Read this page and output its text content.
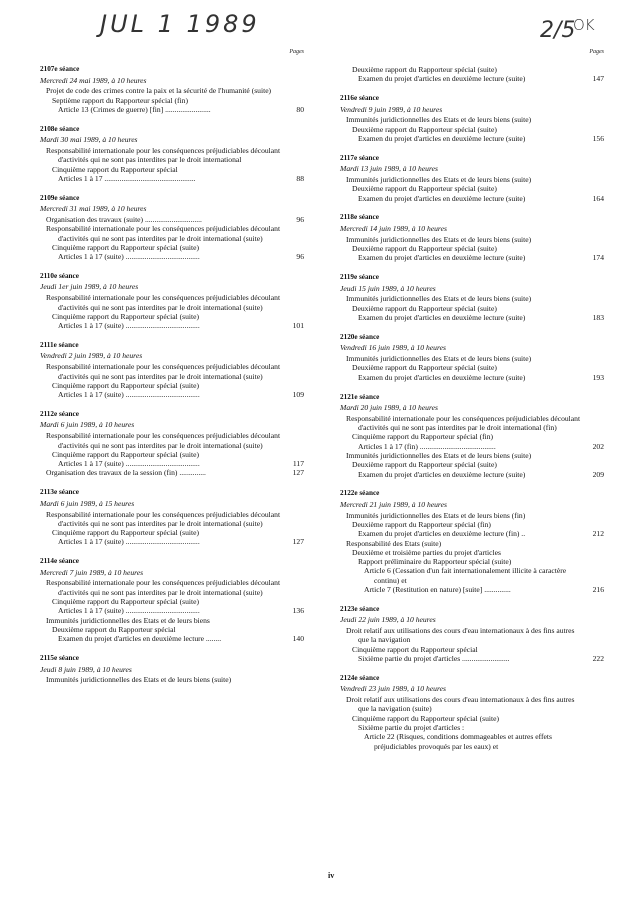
JUL 1 1989	2/5
OK
Pages
2107e séance
Mercredi 24 mai 1989, à 10 heures
Projet de code des crimes contre la paix et la sécurité de l'humanité (suite)
Septième rapport du Rapporteur spécial (fin)
Article 13 (Crimes de guerre) [fin] ........................	80
2108e séance
Mardi 30 mai 1989, à 10 heures
Responsabilité internationale pour les conséquences préjudiciables découlant d'activités qui ne sont pas interdites par le droit international
Cinquième rapport du Rapporteur spécial
Articles 1 à 17 ................................................	88
2109e séance
Mercredi 31 mai 1989, à 10 heures
Organisation des travaux (suite) ..............................	96
Responsabilité internationale pour les conséquences préjudiciables découlant d'activités qui ne sont pas interdites par le droit international (suite)
Cinquième rapport du Rapporteur spécial (suite)
Articles 1 à 17 (suite) .......................................	96
2110e séance
Jeudi 1er juin 1989, à 10 heures
Responsabilité internationale pour les conséquences préjudiciables découlant d'activités qui ne sont pas interdites par le droit international (suite)
Cinquième rapport du Rapporteur spécial (suite)
Articles 1 à 17 (suite) .......................................	101
2111e séance
Vendredi 2 juin 1989, à 10 heures
Responsabilité internationale pour les conséquences préjudiciables découlant d'activités qui ne sont pas interdites par le droit international (suite)
Cinquième rapport du Rapporteur spécial (suite)
Articles 1 à 17 (suite) .......................................	109
2112e séance
Mardi 6 juin 1989, à 10 heures
Responsabilité internationale pour les conséquences préjudiciables découlant d'activités qui ne sont pas interdites par le droit international (suite)
Cinquième rapport du Rapporteur spécial (suite)
Articles 1 à 17 (suite) .......................................	117
Organisation des travaux de la session (fin) ..............	127
2113e séance
Mardi 6 juin 1989, à 15 heures
Responsabilité internationale pour les conséquences préjudiciables découlant d'activités qui ne sont pas interdites par le droit international (suite)
Cinquième rapport du Rapporteur spécial (suite)
Articles 1 à 17 (suite) .......................................	127
2114e séance
Mercredi 7 juin 1989, à 10 heures
Responsabilité internationale pour les conséquences préjudiciables découlant d'activités qui ne sont pas interdites par le droit international (suite)
Cinquième rapport du Rapporteur spécial (suite)
Articles 1 à 17 (suite) .......................................	136
Immunités juridictionnelles des Etats et de leurs biens
Deuxième rapport du Rapporteur spécial
Examen du projet d'articles en deuxième lecture ........	140
2115e séance
Jeudi 8 juin 1989, à 10 heures
Immunités juridictionnelles des Etats et de leurs biens (suite)
Pages
Deuxième rapport du Rapporteur spécial (suite)
Examen du projet d'articles en deuxième lecture (suite)	147
2116e séance
Vendredi 9 juin 1989, à 10 heures
Immunités juridictionnelles des Etats et de leurs biens (suite)
Deuxième rapport du Rapporteur spécial (suite)
Examen du projet d'articles en deuxième lecture (suite)	156
2117e séance
Mardi 13 juin 1989, à 10 heures
Immunités juridictionnelles des Etats et de leurs biens (suite)
Deuxième rapport du Rapporteur spécial (suite)
Examen du projet d'articles en deuxième lecture (suite)	164
2118e séance
Mercredi 14 juin 1989, à 10 heures
Immunités juridictionnelles des Etats et de leurs biens (suite)
Deuxième rapport du Rapporteur spécial (suite)
Examen du projet d'articles en deuxième lecture (suite)	174
2119e séance
Jeudi 15 juin 1989, à 10 heures
Immunités juridictionnelles des Etats et de leurs biens (suite)
Deuxième rapport du Rapporteur spécial (suite)
Examen du projet d'articles en deuxième lecture (suite)	183
2120e séance
Vendredi 16 juin 1989, à 10 heures
Immunités juridictionnelles des Etats et de leurs biens (suite)
Deuxième rapport du Rapporteur spécial (suite)
Examen du projet d'articles en deuxième lecture (suite)	193
2121e séance
Mardi 20 juin 1989, à 10 heures
Responsabilité internationale pour les conséquences préjudiciables découlant d'activités qui ne sont pas interdites par le droit international (fin)
Cinquième rapport du Rapporteur spécial (fin)
Articles 1 à 17 (fin) ........................................	202
Immunités juridictionnelles des Etats et de leurs biens (suite)
Deuxième rapport du Rapporteur spécial (suite)
Examen du projet d'articles en deuxième lecture (suite)	209
2122e séance
Mercredi 21 juin 1989, à 10 heures
Immunités juridictionnelles des Etats et de leurs biens (fin)
Deuxième rapport du Rapporteur spécial (fin)
Examen du projet d'articles en deuxième lecture (fin) ..	212
Responsabilité des Etats (suite)
Deuxième et troisième parties du projet d'articles
Rapport préliminaire du Rapporteur spécial (suite)
Article 6 (Cessation d'un fait internationalement illicite à caractère continu) et
Article 7 (Restitution en nature) [suite] ..............	216
2123e séance
Jeudi 22 juin 1989, à 10 heures
Droit relatif aux utilisations des cours d'eau internationaux à des fins autres que la navigation
Cinquième rapport du Rapporteur spécial
Sixième partie du projet d'articles .........................	222
2124e séance
Vendredi 23 juin 1989, à 10 heures
Droit relatif aux utilisations des cours d'eau internationaux à des fins autres que la navigation (suite)
Cinquième rapport du Rapporteur spécial (suite)
Sixième partie du projet d'articles :
Article 22 (Risques, conditions dommageables et autres effets préjudiciables provoqués par les eaux) et
iv
